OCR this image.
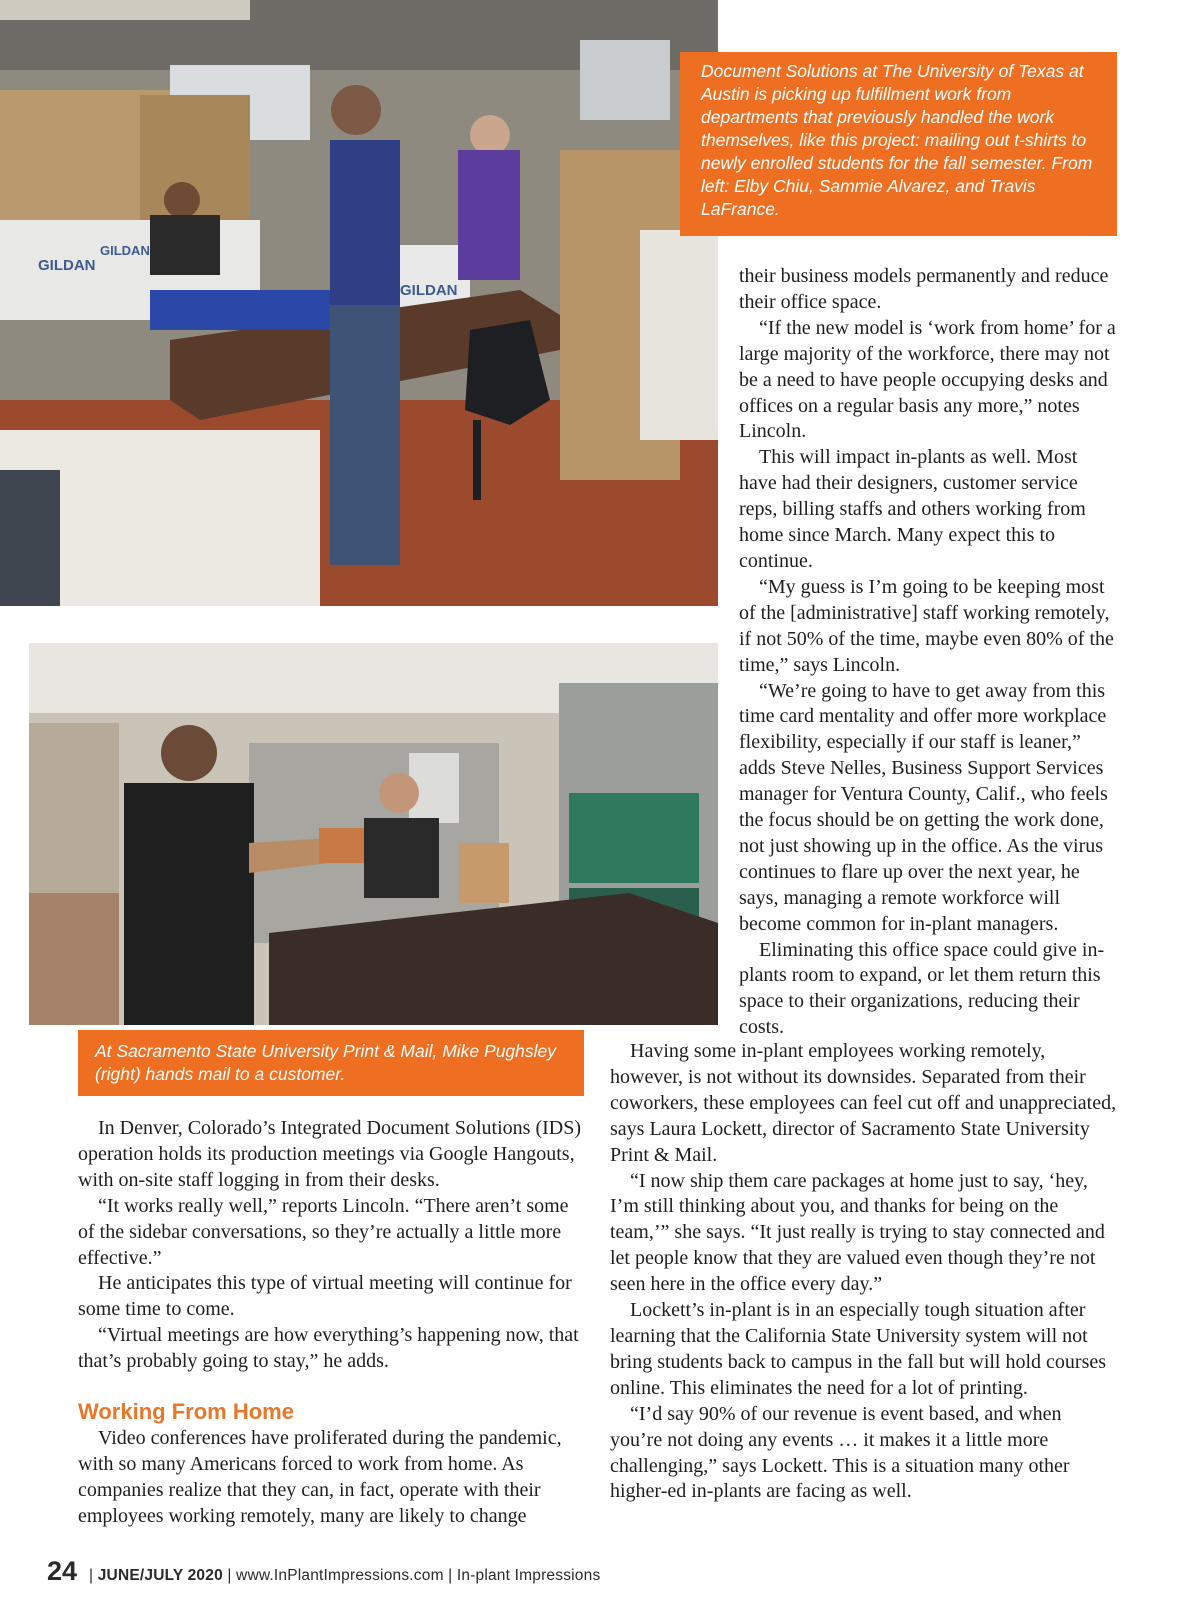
GILDAN
GILDAN
GILDAN
Document Solutions at The University of Texas at Austin is picking up fulfillment work from departments that previously handled the work themselves, like this project: mailing out t-shirts to newly enrolled students for the fall semester. From left: Elby Chiu, Sammie Alvarez, and Travis LaFrance.
At Sacramento State University Print & Mail, Mike Pughsley (right) hands mail to a customer.

their business models permanently and reduce their office space.

“If the new model is ‘work from home’ for a large majority of the workforce, there may not be a need to have people occupying desks and offices on a regular basis any more,” notes Lincoln.

This will impact in-plants as well. Most have had their designers, customer service reps, billing staffs and others working from home since March. Many expect this to continue.

“My guess is I’m going to be keeping most of the [administrative] staff working remotely, if not 50% of the time, maybe even 80% of the time,” says Lincoln.

“We’re going to have to get away from this time card mentality and offer more workplace flexibility, especially if our staff is leaner,” adds Steve Nelles, Business Support Services manager for Ventura County, Calif., who feels the focus should be on getting the work done, not just showing up in the office. As the virus continues to flare up over the next year, he says, managing a remote workforce will become common for in-plant managers.

Eliminating this office space could give in-plants room to expand, or let them return this space to their organizations, reducing their costs.

Having some in-plant employees working remotely, however, is not without its downsides. Separated from their coworkers, these employees can feel cut off and unappreciated, says Laura Lockett, director of Sacramento State University Print & Mail.

“I now ship them care packages at home just to say, ‘hey, I’m still thinking about you, and thanks for being on the team,’” she says. “It just really is trying to stay connected and let people know that they are valued even though they’re not seen here in the office every day.”

Lockett’s in-plant is in an especially tough situation after learning that the California State University system will not bring students back to campus in the fall but will hold courses online. This eliminates the need for a lot of printing.

“I’d say 90% of our revenue is event based, and when you’re not doing any events … it makes it a little more challenging,” says Lockett. This is a situation many other higher-ed in-plants are facing as well.

In Denver, Colorado’s Integrated Document Solutions (IDS) operation holds its production meetings via Google Hangouts, with on-site staff logging in from their desks.

“It works really well,” reports Lincoln. “There aren’t some of the sidebar conversations, so they’re actually a little more effective.”

He anticipates this type of virtual meeting will continue for some time to come.

“Virtual meetings are how everything’s happening now, that that’s probably going to stay,” he adds.

Working From Home

Video conferences have proliferated during the pandemic, with so many Americans forced to work from home. As companies realize that they can, in fact, operate with their employees working remotely, many are likely to change

24 |
JUNE/JULY 2020
|
www.InPlantImpressions.com
|
In-plant Impressions
